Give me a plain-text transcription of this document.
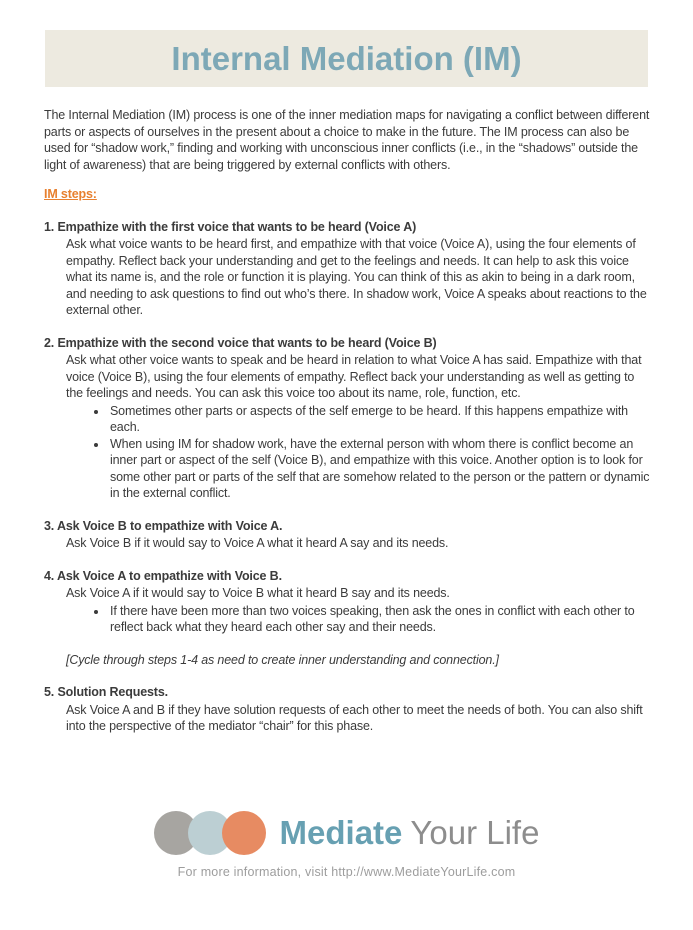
Internal Mediation (IM)

The Internal Mediation (IM) process is one of the inner mediation maps for navigating a conflict between different parts or aspects of ourselves in the present about a choice to make in the future. The IM process can also be used for “shadow work,” finding and working with unconscious inner conflicts (i.e., in the “shadows” outside the light of awareness) that are being triggered by external conflicts with others.

IM steps:
1. Empathize with the first voice that wants to be heard (Voice A)

Ask what voice wants to be heard first, and empathize with that voice (Voice A), using the four elements of empathy. Reflect back your understanding and get to the feelings and needs. It can help to ask this voice what its name is, and the role or function it is playing. You can think of this as akin to being in a dark room, and needing to ask questions to find out who’s there. In shadow work, Voice A speaks about reactions to the external other.

2. Empathize with the second voice that wants to be heard (Voice B)

Ask what other voice wants to speak and be heard in relation to what Voice A has said. Empathize with that voice (Voice B), using the four elements of empathy. Reflect back your understanding as well as getting to the feelings and needs. You can ask this voice too about its name, role, function, etc.

• Sometimes other parts or aspects of the self emerge to be heard. If this happens empathize with each.
• When using IM for shadow work, have the external person with whom there is conflict become an inner part or aspect of the self (Voice B), and empathize with this voice. Another option is to look for some other part or parts of the self that are somehow related to the person or the pattern or dynamic in the external conflict.
3. Ask Voice B to empathize with Voice A.

Ask Voice B if it would say to Voice A what it heard A say and its needs.

4. Ask Voice A to empathize with Voice B.

Ask Voice A if it would say to Voice B what it heard B say and its needs.

• If there have been more than two voices speaking, then ask the ones in conflict with each other to reflect back what they heard each other say and their needs.

[Cycle through steps 1-4 as need to create inner understanding and connection.]

5. Solution Requests.

Ask Voice A and B if they have solution requests of each other to meet the needs of both. You can also shift into the perspective of the mediator “chair” for this phase.

Mediate Your Life
For more information, visit http://www.MediateYourLife.com
